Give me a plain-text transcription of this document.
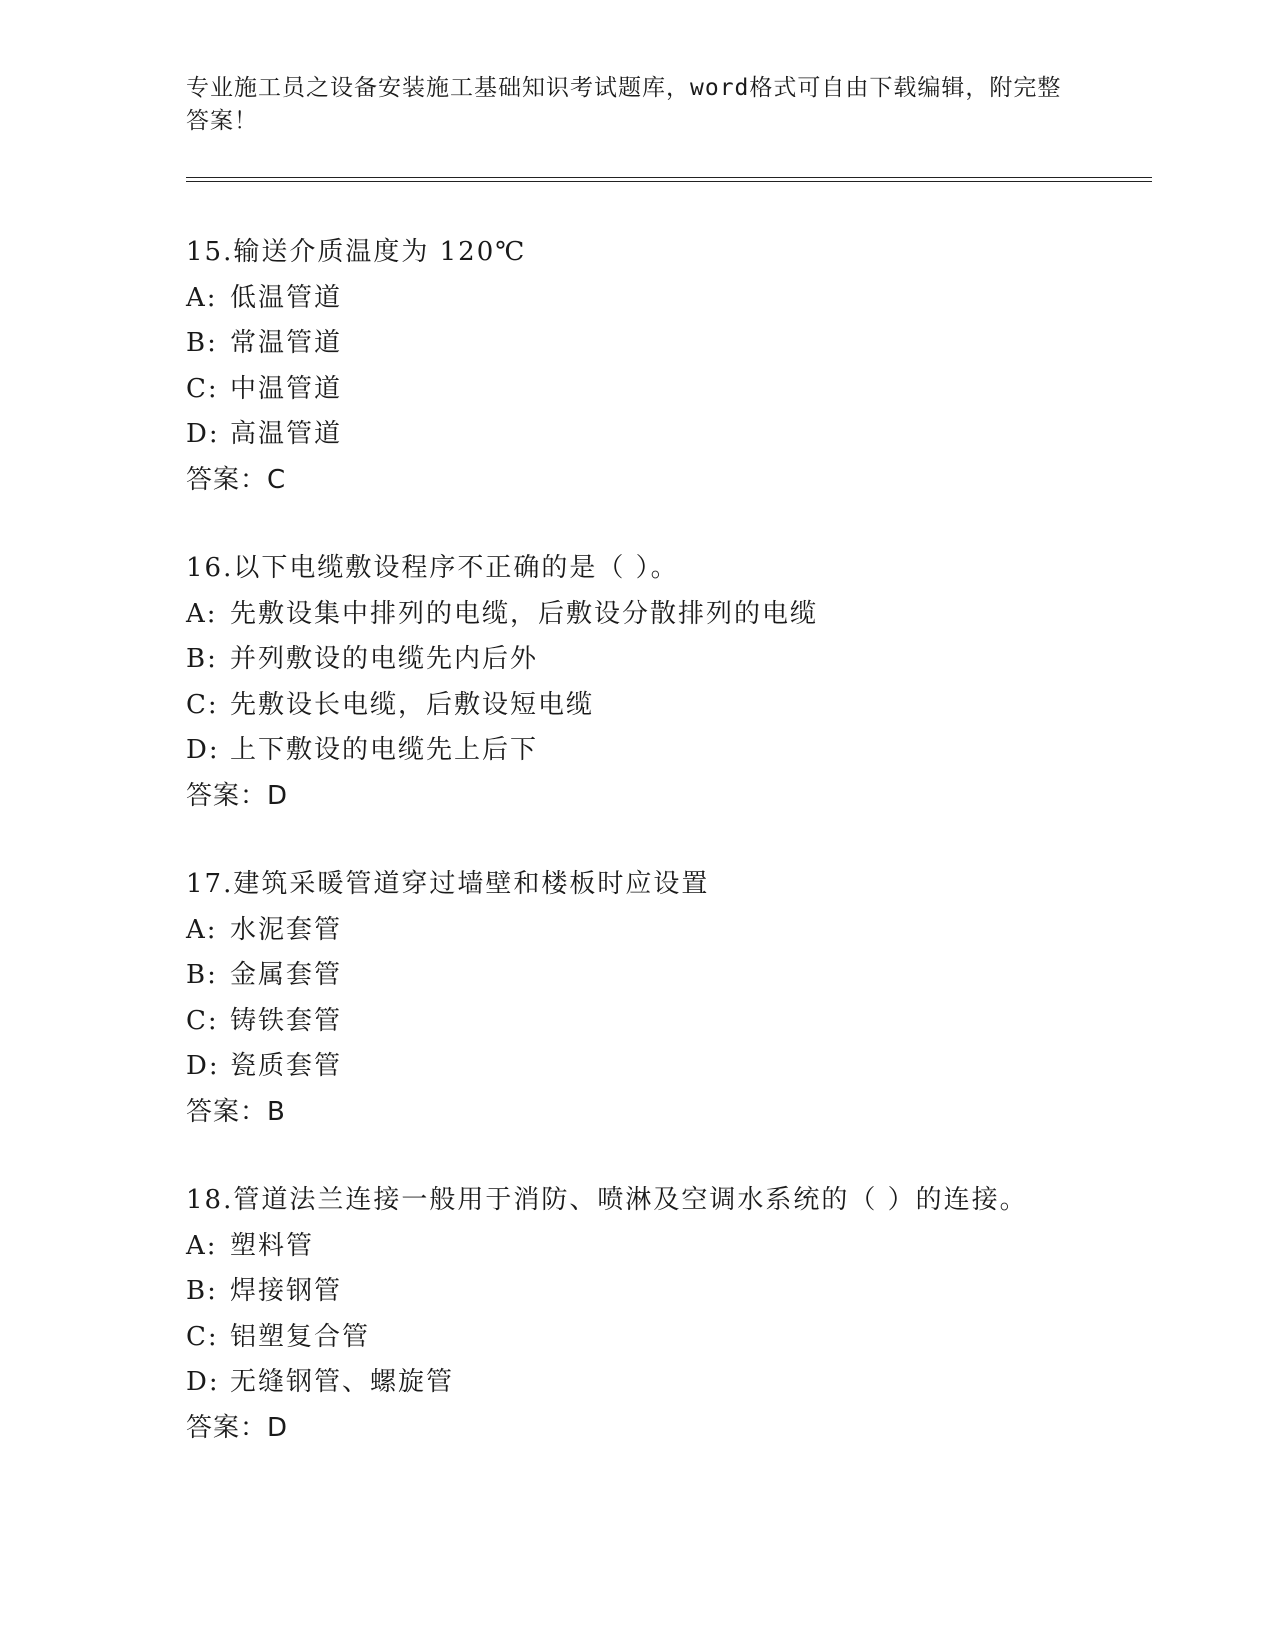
专业施工员之设备安装施工基础知识考试题库，word格式可自由下载编辑，附完整答案！
15.输送介质温度为 120℃
A: 低温管道
B: 常温管道
C: 中温管道
D: 高温管道
答案：C
16.以下电缆敷设程序不正确的是（ ）。
A: 先敷设集中排列的电缆，后敷设分散排列的电缆
B: 并列敷设的电缆先内后外
C: 先敷设长电缆，后敷设短电缆
D: 上下敷设的电缆先上后下
答案：D
17.建筑采暖管道穿过墙壁和楼板时应设置
A: 水泥套管
B: 金属套管
C: 铸铁套管
D: 瓷质套管
答案：B
18.管道法兰连接一般用于消防、喷淋及空调水系统的（ ）的连接。
A: 塑料管
B: 焊接钢管
C: 铝塑复合管
D: 无缝钢管、螺旋管
答案：D
